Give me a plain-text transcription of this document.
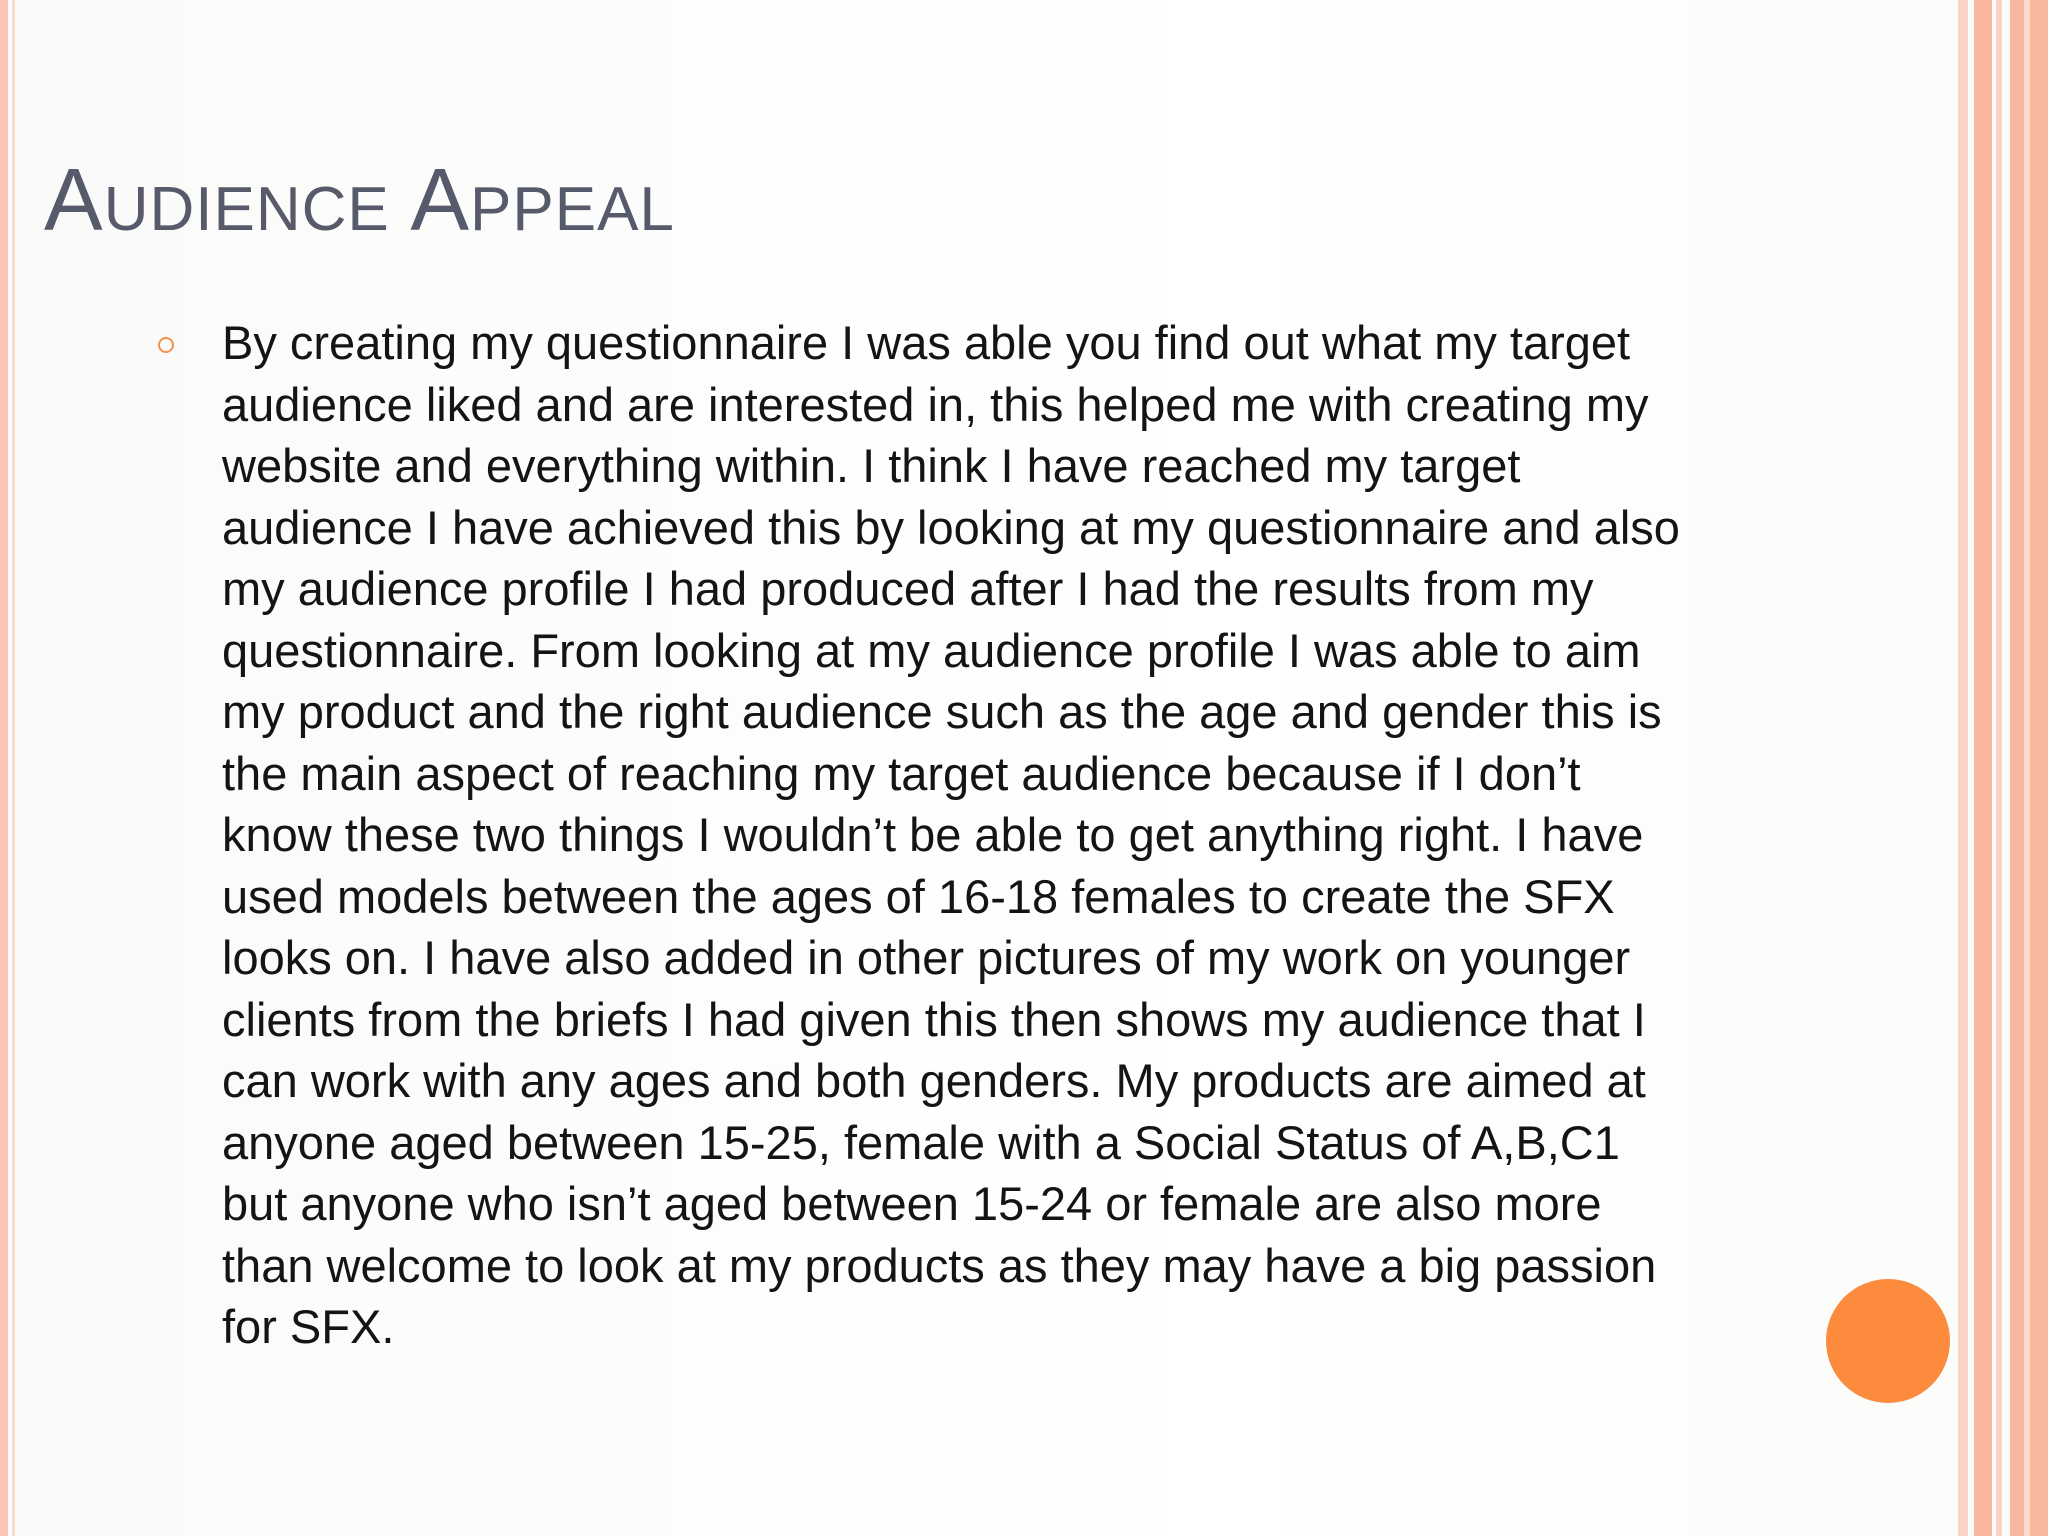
Audience Appeal

By creating my questionnaire I was able you find out what my target
audience liked and are interested in, this helped me with creating my
website and everything within. I think I have reached my target
audience I have achieved this by looking at my questionnaire and also
my audience profile I had produced after I had the results from my
questionnaire. From looking at my audience profile I was able to aim
my product and the right audience such as the age and gender this is
the main aspect of reaching my target audience because if I don’t
know these two things I wouldn’t be able to get anything right. I have
used models between the ages of 16-18 females to create the SFX
looks on. I have also added in other pictures of my work on younger
clients from the briefs I had given this then shows my audience that I
can work with any ages and both genders. My products are aimed at
anyone aged between 15-25, female with a Social Status of A,B,C1
but anyone who isn’t aged between 15-24 or female are also more
than welcome to look at my products as they may have a big passion
for SFX.
